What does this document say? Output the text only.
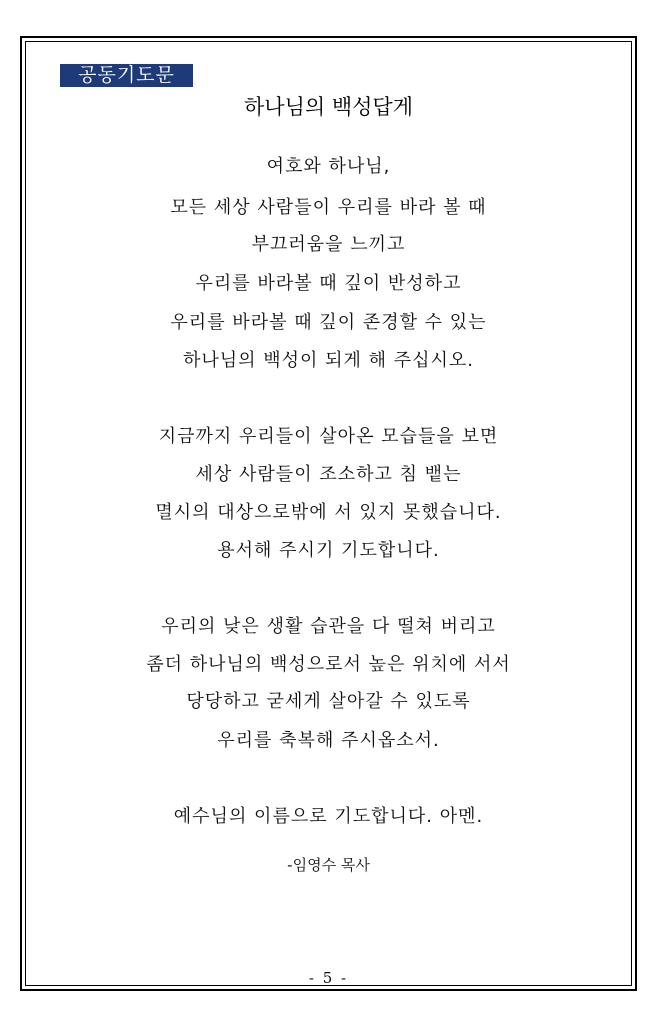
공동기도문
하나님의 백성답게
여호와 하나님,
모든 세상 사람들이 우리를 바라 볼 때
부끄러움을 느끼고
우리를 바라볼 때 깊이 반성하고
우리를 바라볼 때 깊이 존경할 수 있는
하나님의 백성이 되게 해 주십시오.
지금까지 우리들이 살아온 모습들을 보면
세상 사람들이 조소하고 침 뱉는
멸시의 대상으로밖에 서 있지 못했습니다.
용서해 주시기 기도합니다.
우리의 낮은 생활 습관을 다 떨쳐 버리고
좀더 하나님의 백성으로서 높은 위치에 서서
당당하고 굳세게 살아갈 수 있도록
우리를 축복해 주시옵소서.
예수님의 이름으로 기도합니다. 아멘.
-임영수 목사
- 5 -
